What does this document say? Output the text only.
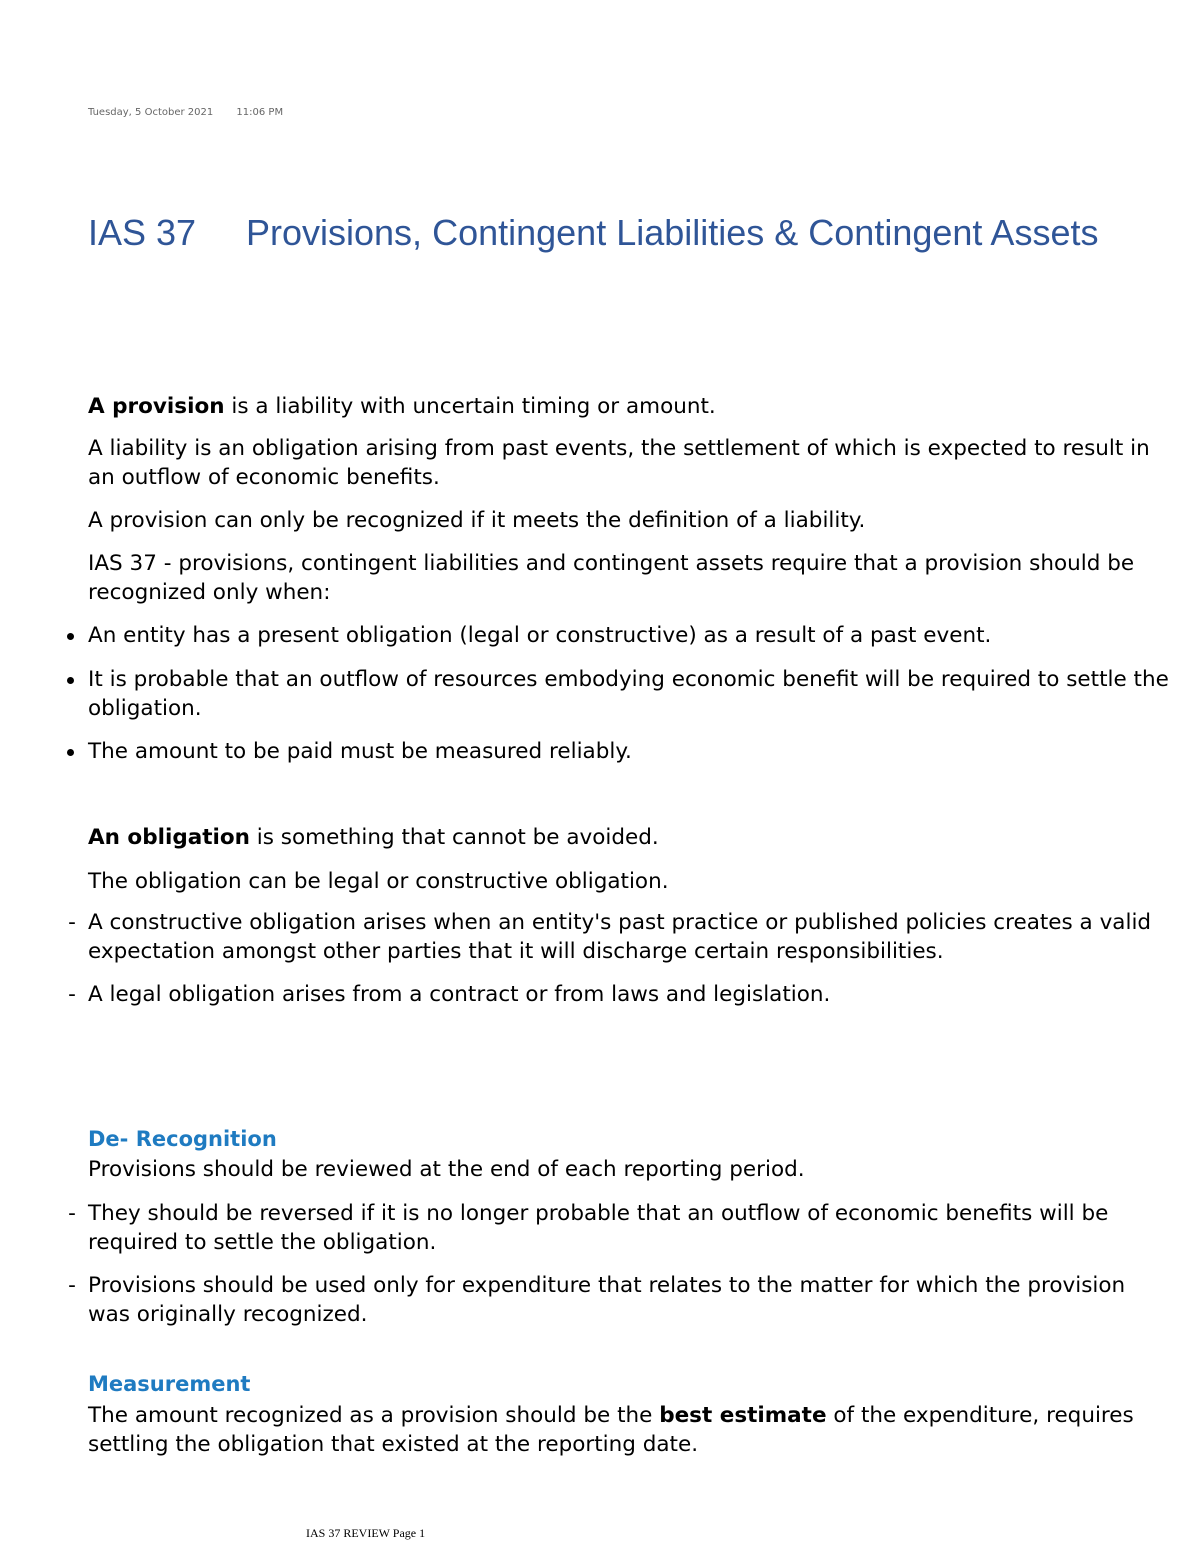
Tuesday, 5 October 2021 11:06 PM
IAS 37 Provisions, Contingent Liabilities & Contingent Assets

A provision is a liability with uncertain timing or amount.

A liability is an obligation arising from past events, the settlement of which is expected to result in an outflow of economic benefits.

A provision can only be recognized if it meets the definition of a liability.

IAS 37 - provisions, contingent liabilities and contingent assets require that a provision should be recognized only when:

An entity has a present obligation (legal or constructive) as a result of a past event.
It is probable that an outflow of resources embodying economic benefit will be required to settle the obligation.
The amount to be paid must be measured reliably.

An obligation is something that cannot be avoided.

The obligation can be legal or constructive obligation.

- A constructive obligation arises when an entity's past practice or published policies creates a valid expectation amongst other parties that it will discharge certain responsibilities.
- A legal obligation arises from a contract or from laws and legislation.
De- Recognition

Provisions should be reviewed at the end of each reporting period.

- They should be reversed if it is no longer probable that an outflow of economic benefits will be required to settle the obligation.
- Provisions should be used only for expenditure that relates to the matter for which the provision was originally recognized.
Measurement

The amount recognized as a provision should be the best estimate of the expenditure, requires settling the obligation that existed at the reporting date.

IAS 37 REVIEW Page 1
